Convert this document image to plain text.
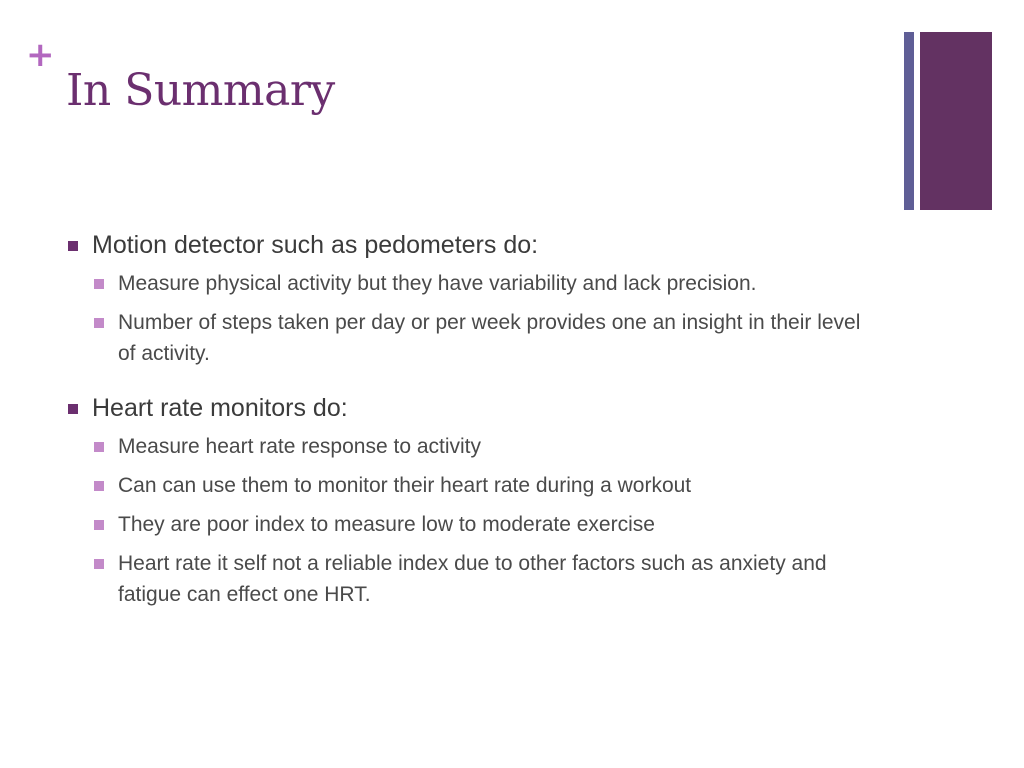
+
In Summary
Motion detector such as pedometers do:
Measure physical activity but they have variability and lack precision.
Number of steps taken per day or per week provides one an insight in their level of activity.
Heart rate monitors do:
Measure heart rate response to activity
Can can use them to monitor their heart rate during a workout
They are poor index to measure low to moderate exercise
Heart rate it self not a reliable index due to other factors such as anxiety and fatigue can effect one HRT.
